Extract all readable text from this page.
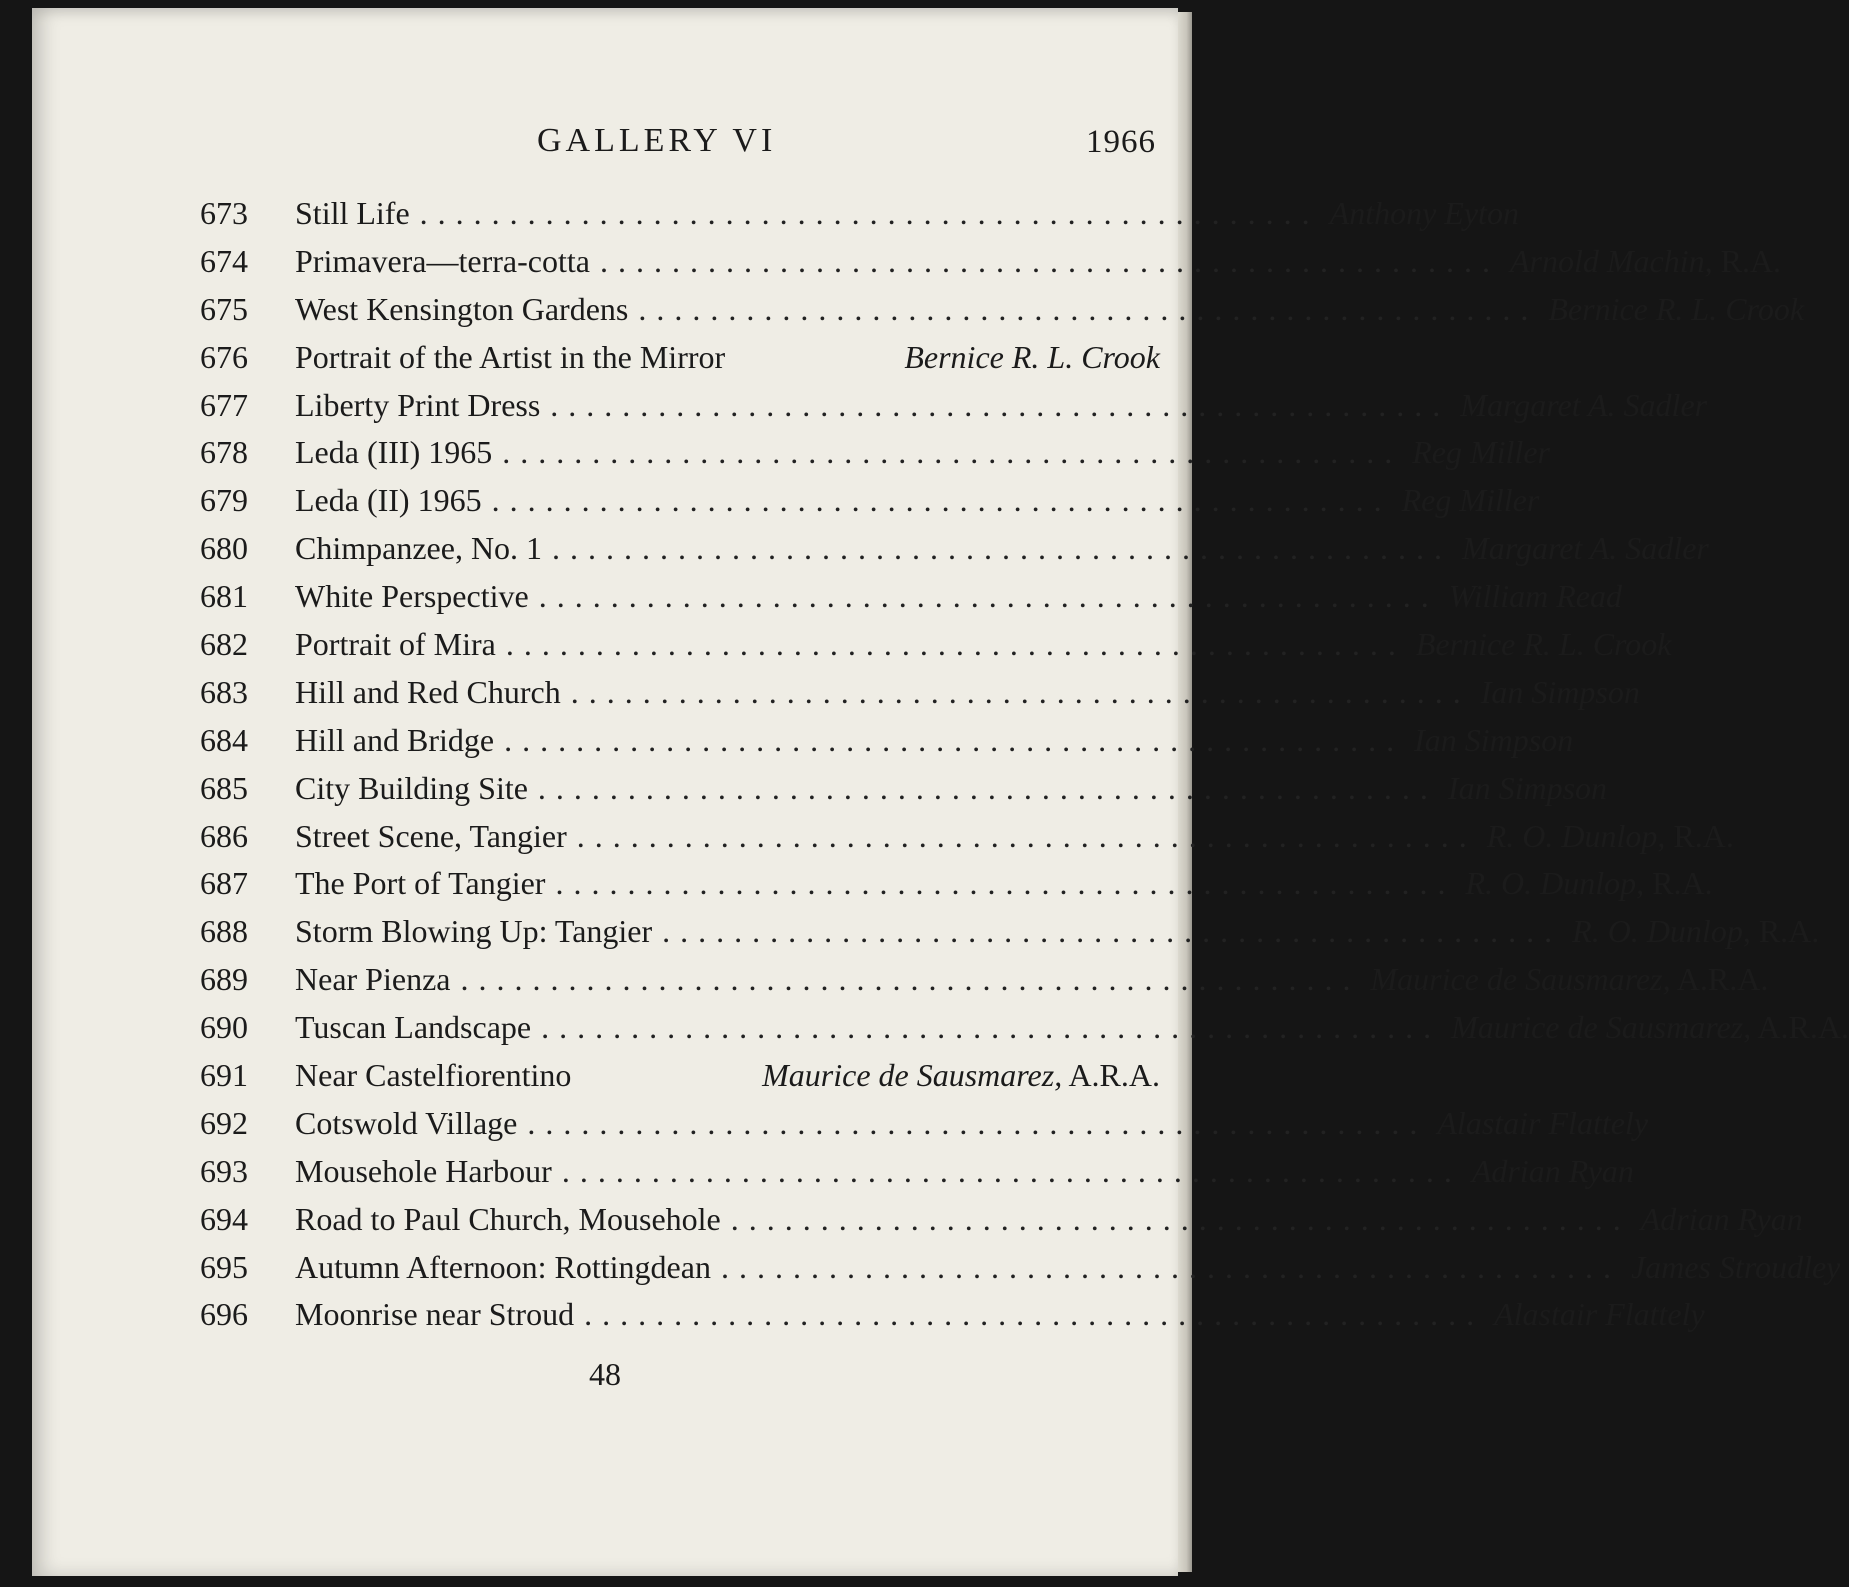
GALLERY VI	1966
673	Still Life .................................................. Anthony Eyton
674	Primavera—terra-cotta .................................................. Arnold Machin, R.A.
675	West Kensington Gardens .................................................. Bernice R. L. Crook
676	Portrait of the Artist in the Mirror	Bernice R. L. Crook
677	Liberty Print Dress .................................................. Margaret A. Sadler
678	Leda (III) 1965 .................................................. Reg Miller
679	Leda (II) 1965 .................................................. Reg Miller
680	Chimpanzee, No. 1 .................................................. Margaret A. Sadler
681	White Perspective .................................................. William Read
682	Portrait of Mira .................................................. Bernice R. L. Crook
683	Hill and Red Church .................................................. Ian Simpson
684	Hill and Bridge .................................................. Ian Simpson
685	City Building Site .................................................. Ian Simpson
686	Street Scene, Tangier .................................................. R. O. Dunlop, R.A.
687	The Port of Tangier .................................................. R. O. Dunlop, R.A.
688	Storm Blowing Up: Tangier .................................................. R. O. Dunlop, R.A.
689	Near Pienza .................................................. Maurice de Sausmarez, A.R.A.
690	Tuscan Landscape .................................................. Maurice de Sausmarez, A.R.A.
691	Near Castelfiorentino	Maurice de Sausmarez, A.R.A.
692	Cotswold Village .................................................. Alastair Flattely
693	Mousehole Harbour .................................................. Adrian Ryan
694	Road to Paul Church, Mousehole .................................................. Adrian Ryan
695	Autumn Afternoon: Rottingdean .................................................. James Stroudley
696	Moonrise near Stroud .................................................. Alastair Flattely
48
